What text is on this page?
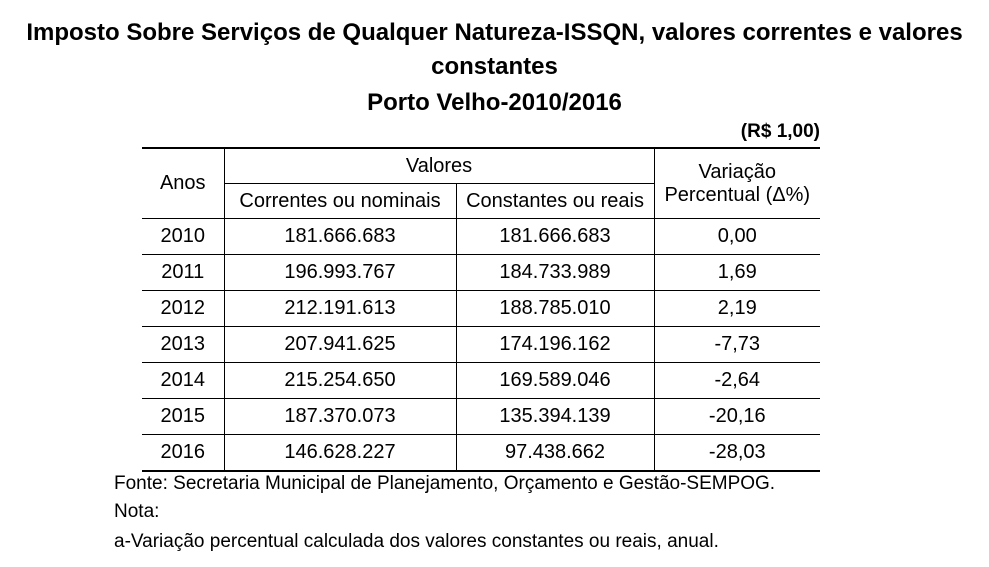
Imposto Sobre Serviços de Qualquer Natureza-ISSQN, valores correntes e valores
constantes
Porto Velho-2010/2016
(R$ 1,00)
Anos	Valores		Variação
Percentual (Δ%)

	Correntes ou nominais	Constantes ou reais	
2010	181.666.683	181.666.683	0,00
2011	196.993.767	184.733.989	1,69
2012	212.191.613	188.785.010	2,19
2013	207.941.625	174.196.162	-7,73
2014	215.254.650	169.589.046	-2,64
2015	187.370.073	135.394.139	-20,16
2016	146.628.227	97.438.662	-28,03
Fonte: Secretaria Municipal de Planejamento, Orçamento e Gestão-SEMPOG.
Nota:
a-Variação percentual calculada dos valores constantes ou reais, anual.
